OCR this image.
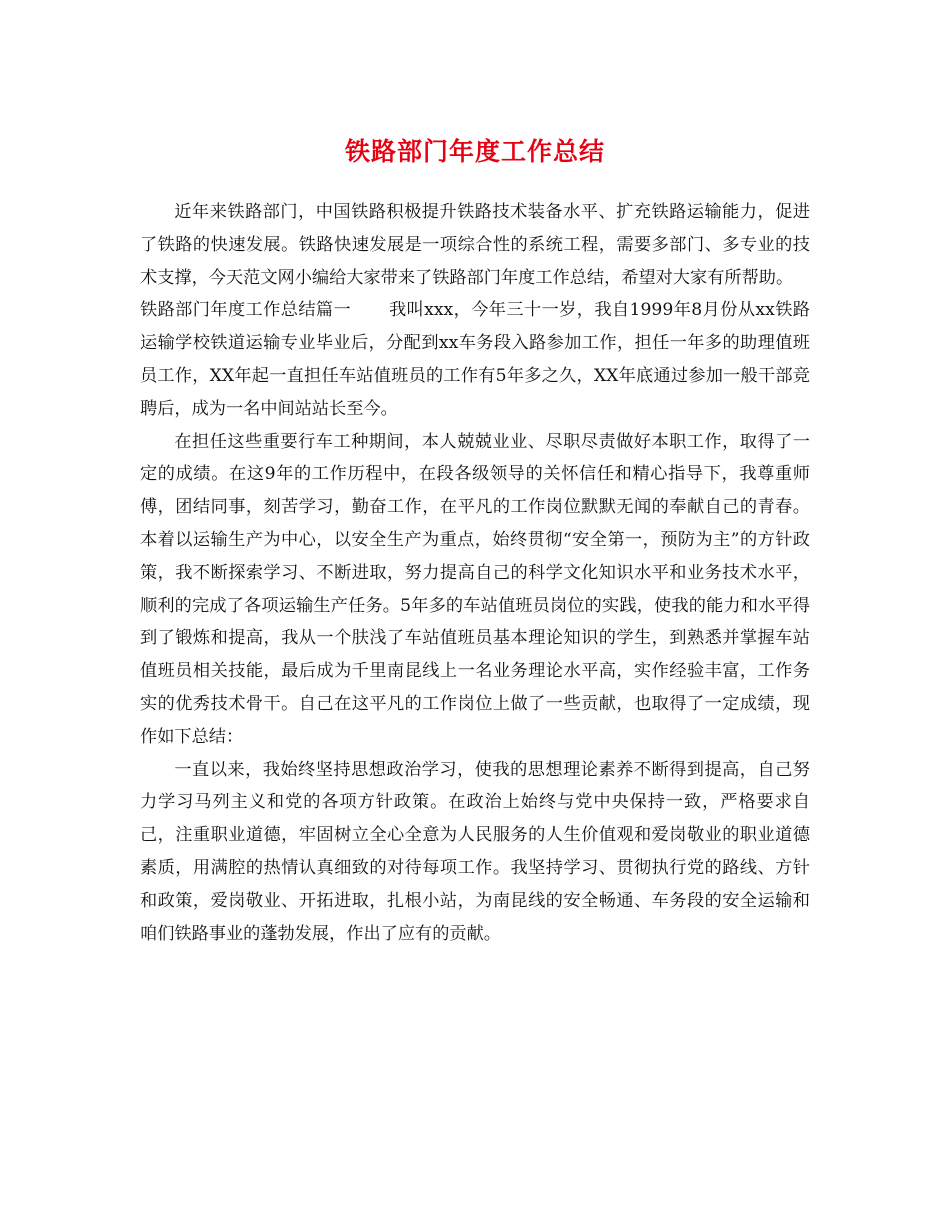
铁路部门年度工作总结

近年来铁路部门，中国铁路积极提升铁路技术装备水平、扩充铁路运输能力，促进了铁路的快速发展。铁路快速发展是一项综合性的系统工程，需要多部门、多专业的技术支撑，今天范文网小编给大家带来了铁路部门年度工作总结，希望对大家有所帮助。

铁路部门年度工作总结篇一 我叫xxx，今年三十一岁，我自1999年8月份从xx铁路运输学校铁道运输专业毕业后，分配到xx车务段入路参加工作，担任一年多的助理值班员工作，XX年起一直担任车站值班员的工作有5年多之久，XX年底通过参加一般干部竞聘后，成为一名中间站站长至今。

在担任这些重要行车工种期间，本人兢兢业业、尽职尽责做好本职工作，取得了一定的成绩。在这9年的工作历程中，在段各级领导的关怀信任和精心指导下，我尊重师傅，团结同事，刻苦学习，勤奋工作，在平凡的工作岗位默默无闻的奉献自己的青春。本着以运输生产为中心，以安全生产为重点，始终贯彻“安全第一，预防为主”的方针政策，我不断探索学习、不断进取，努力提高自己的科学文化知识水平和业务技术水平，顺利的完成了各项运输生产任务。5年多的车站值班员岗位的实践，使我的能力和水平得到了锻炼和提高，我从一个肤浅了车站值班员基本理论知识的学生，到熟悉并掌握车站值班员相关技能，最后成为千里南昆线上一名业务理论水平高，实作经验丰富，工作务实的优秀技术骨干。自己在这平凡的工作岗位上做了一些贡献，也取得了一定成绩，现作如下总结：

一直以来，我始终坚持思想政治学习，使我的思想理论素养不断得到提高，自己努力学习马列主义和党的各项方针政策。在政治上始终与党中央保持一致，严格要求自己，注重职业道德，牢固树立全心全意为人民服务的人生价值观和爱岗敬业的职业道德素质，用满腔的热情认真细致的对待每项工作。我坚持学习、贯彻执行党的路线、方针和政策，爱岗敬业、开拓进取，扎根小站，为南昆线的安全畅通、车务段的安全运输和咱们铁路事业的蓬勃发展，作出了应有的贡献。
